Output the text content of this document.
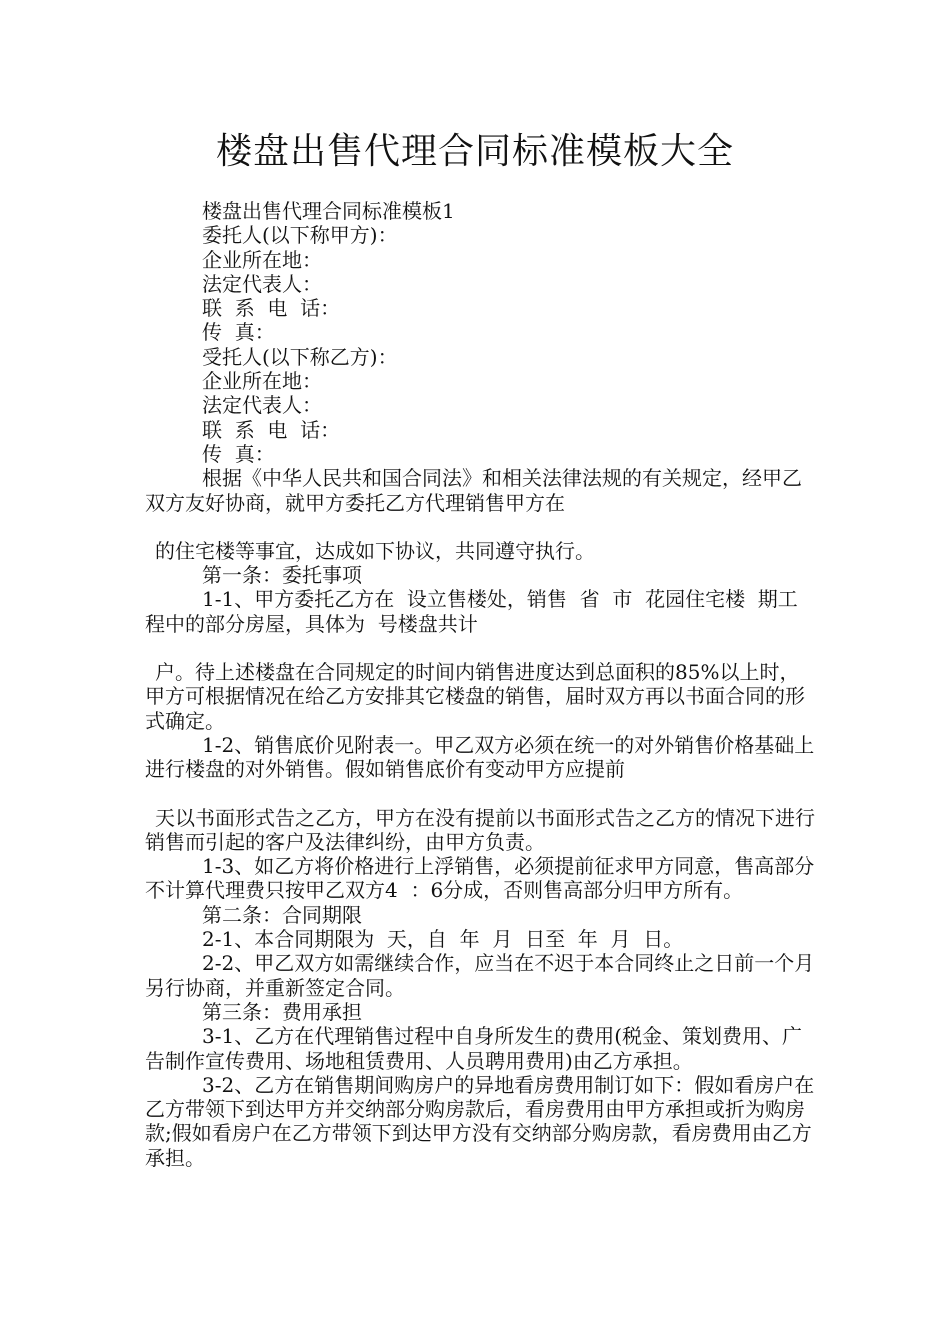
楼盘出售代理合同标准模板大全

楼盘出售代理合同标准模板1

委托人(以下称甲方)：

企业所在地：

法定代表人：

联  系  电  话：

传  真：

受托人(以下称乙方)：

企业所在地：

法定代表人：

联  系  电  话：

传  真：

根据《中华人民共和国合同法》和相关法律法规的有关规定，经甲乙双方友好协商，就甲方委托乙方代理销售甲方在

的住宅楼等事宜，达成如下协议，共同遵守执行。

第一条：委托事项

1-1、甲方委托乙方在  设立售楼处，销售  省  市  花园住宅楼  期工程中的部分房屋，具体为  号楼盘共计

户。待上述楼盘在合同规定的时间内销售进度达到总面积的85%以上时，甲方可根据情况在给乙方安排其它楼盘的销售，届时双方再以书面合同的形式确定。

1-2、销售底价见附表一。甲乙双方必须在统一的对外销售价格基础上进行楼盘的对外销售。假如销售底价有变动甲方应提前

天以书面形式告之乙方，甲方在没有提前以书面形式告之乙方的情况下进行销售而引起的客户及法律纠纷，由甲方负责。

1-3、如乙方将价格进行上浮销售，必须提前征求甲方同意，售高部分不计算代理费只按甲乙双方4  ：6分成，否则售高部分归甲方所有。

第二条：合同期限

2-1、本合同期限为  天，自  年  月  日至  年  月  日。

2-2、甲乙双方如需继续合作，应当在不迟于本合同终止之日前一个月另行协商，并重新签定合同。

第三条：费用承担

3-1、乙方在代理销售过程中自身所发生的费用(税金、策划费用、广告制作宣传费用、场地租赁费用、人员聘用费用)由乙方承担。

3-2、乙方在销售期间购房户的异地看房费用制订如下：假如看房户在乙方带领下到达甲方并交纳部分购房款后，看房费用由甲方承担或折为购房款;假如看房户在乙方带领下到达甲方没有交纳部分购房款，看房费用由乙方承担。
